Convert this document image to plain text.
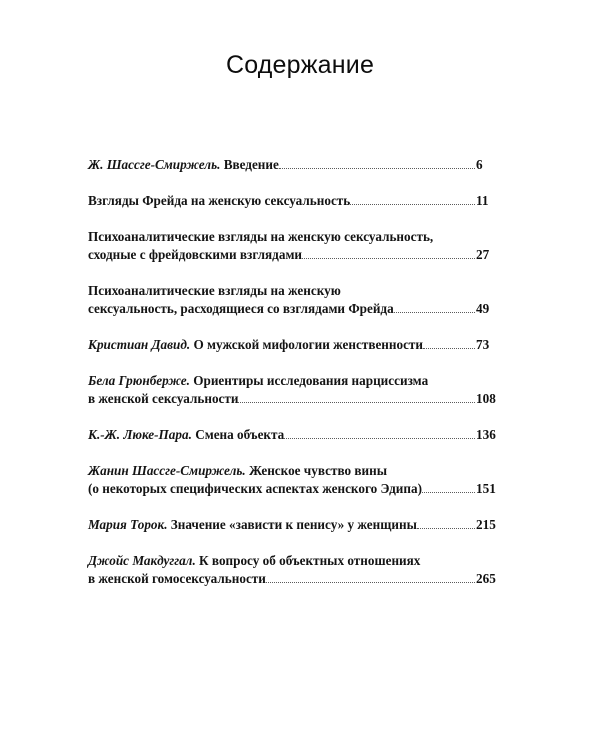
Содержание
Ж. Шассге-Смиржель. Введение	6
Взгляды Фрейда на женскую сексуальность	11
Психоаналитические взгляды на женскую сексуальность,
сходные с фрейдовскими взглядами	27
Психоаналитические взгляды на женскую
сексуальность, расходящиеся со взглядами Фрейда	49
Кристиан Давид. О мужской мифологии женственности	73
Бела Грюнберже. Ориентиры исследования нарциссизма
в женской сексуальности	108
К.-Ж. Люке-Пара. Смена объекта	136
Жанин Шассге-Смиржель. Женское чувство вины
(о некоторых специфических аспектах женского Эдипа)	151
Мария Торок. Значение «зависти к пенису» у женщины	215
Джойс Макдуггал. К вопросу об объектных отношениях
в женской гомосексуальности	265
